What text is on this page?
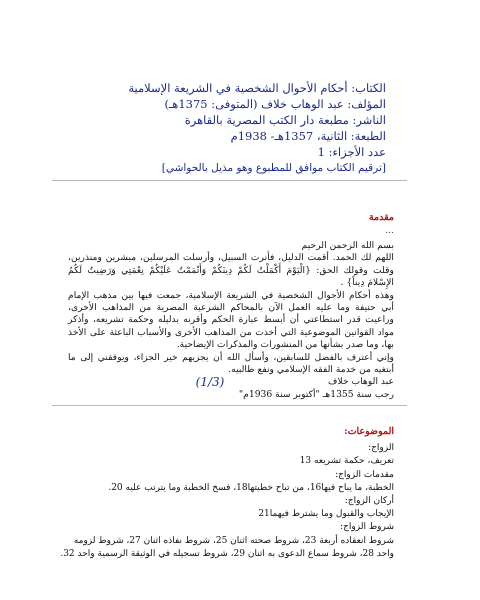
الكتاب: أحكام الأحوال الشخصية في الشريعة الإسلامية
المؤلف: عبد الوهاب خلاف (المتوفى: 1375هـ)
الناشر: مطبعة دار الكتب المصرية بالقاهرة
الطبعة: الثانية، 1357هـ- 1938م
عدد الأجزاء: 1
[ترقيم الكتاب موافق للمطبوع وهو مذيل بالحواشي]
مقدمة
...

بسم الله الرحمن الرحيم

اللهم لك الحمد. أقمت الدليل، فأنرت السبيل، وأرسلت المرسلين، مبشرين ومنذرين، وقلت وقولك الحق: {الْيَوْمَ أَكْمَلْتُ لَكُمْ دِينَكُمْ وَأَتْمَمْتُ عَلَيْكُمْ نِعْمَتِي وَرَضِيتُ لَكُمُ الإِسْلامَ دِيناً} .

وهذه أحكام الأحوال الشخصية في الشريعة الإسلامية، جمعت فيها بين مذهب الإمام أبي حنيفة وما عليه العمل الآن بالمحاكم الشرعية المصرية من المذاهب الأخرى، وراعيت قدر استطاعتي أن أبسط عبارة الحكم وأقرنه بدليله وحكمة تشريعه، وأذكر مواد القوانين الموضوعية التي أخذت من المذاهب الأخرى والأسباب الباعثة على الأخذ بها، وما صدر بشأنها من المنشورات والمذكرات الإيضاحية.

وإني أعترف بالفضل للسابقين، وأسأل الله أن يجزيهم خير الجزاء، ويوفقني إلى ما أبتغيه من خدمة الفقه الإسلامي ونفع طالبيه.

عبد الوهاب خلاف

رجب سنة 1355هـ "أكتوبر سنة 1936م"

(1/3)
الموضوعات:
الزواج:
تعريف، حكمة تشريعه 13
مقدمات الزواج:
الخطبة، ما يباح فيها16، من تباح خطبتها18، فسخ الخطبة وما يترتب عليه 20.
أركان الزواج:
الإيجاب والقبول وما يشترط فيهما21
شروط الزواج:
شروط انعقاده أربعة 23، شروط صحته اثنان 25، شروط نفاذه اثنان 27، شروط لزومه واحد 28، شروط سماع الدعوى به اثنان 29، شروط تسجيله في الوثيقة الرسمية واحد 32.
